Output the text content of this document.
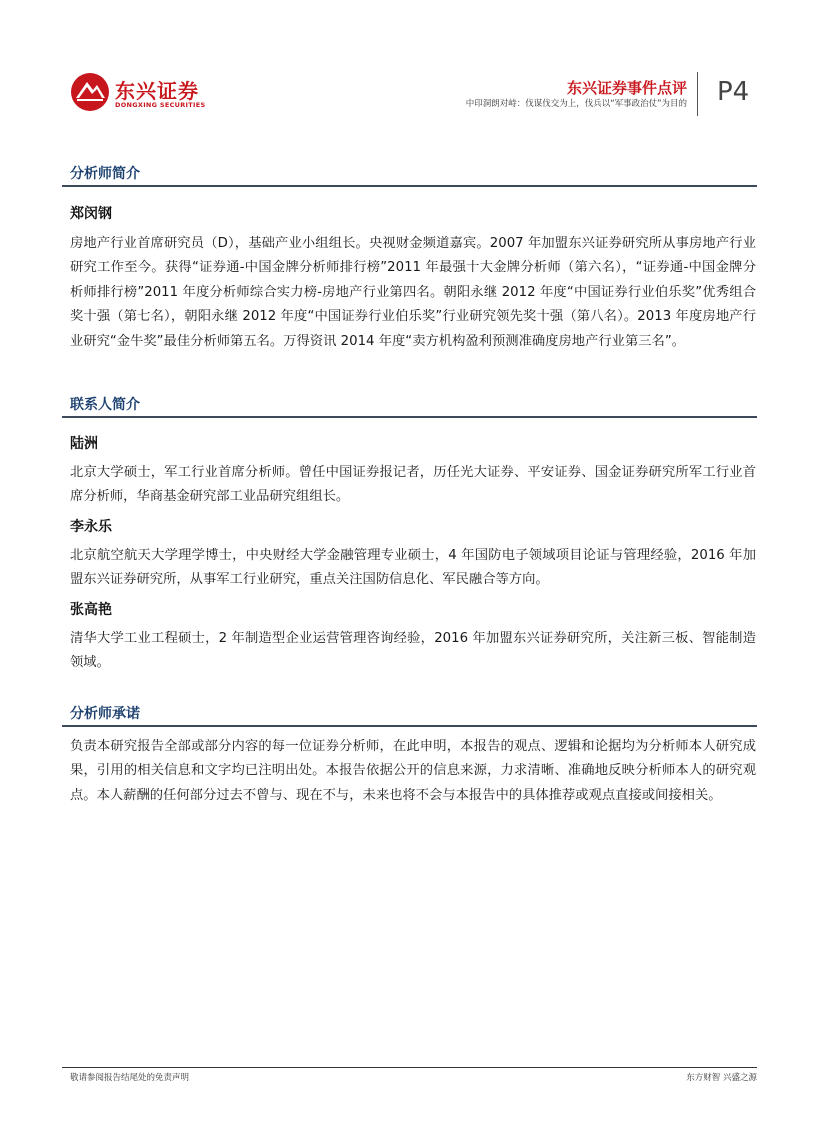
东兴证券
DONGXING SECURITIES
东兴证券事件点评
中印洞朗对峙：伐谋伐交为上，伐兵以“军事政治仗”为目的 P4
分析师简介
郑闵钢
房地产行业首席研究员（D），基础产业小组组长。央视财金频道嘉宾。2007 年加盟东兴证券研究所从事房地产行业研究工作至今。获得“证券通-中国金牌分析师排行榜”2011 年最强十大金牌分析师（第六名），“证券通-中国金牌分析师排行榜”2011 年度分析师综合实力榜-房地产行业第四名。朝阳永继 2012 年度“中国证券行业伯乐奖”优秀组合奖十强（第七名），朝阳永继 2012 年度“中国证券行业伯乐奖”行业研究领先奖十强（第八名）。2013 年度房地产行业研究“金牛奖”最佳分析师第五名。万得资讯 2014 年度“卖方机构盈利预测准确度房地产行业第三名”。
联系人简介
陆洲
北京大学硕士，军工行业首席分析师。曾任中国证券报记者，历任光大证券、平安证券、国金证券研究所军工行业首席分析师，华商基金研究部工业品研究组组长。
李永乐
北京航空航天大学理学博士，中央财经大学金融管理专业硕士，4 年国防电子领域项目论证与管理经验，2016 年加盟东兴证券研究所，从事军工行业研究，重点关注国防信息化、军民融合等方向。
张高艳
清华大学工业工程硕士，2 年制造型企业运营管理咨询经验，2016 年加盟东兴证券研究所，关注新三板、智能制造领域。
分析师承诺
负责本研究报告全部或部分内容的每一位证券分析师，在此申明，本报告的观点、逻辑和论据均为分析师本人研究成果，引用的相关信息和文字均已注明出处。本报告依据公开的信息来源，力求清晰、准确地反映分析师本人的研究观点。本人薪酬的任何部分过去不曾与、现在不与，未来也将不会与本报告中的具体推荐或观点直接或间接相关。
敬请参阅报告结尾处的免责声明	东方财智 兴盛之源
